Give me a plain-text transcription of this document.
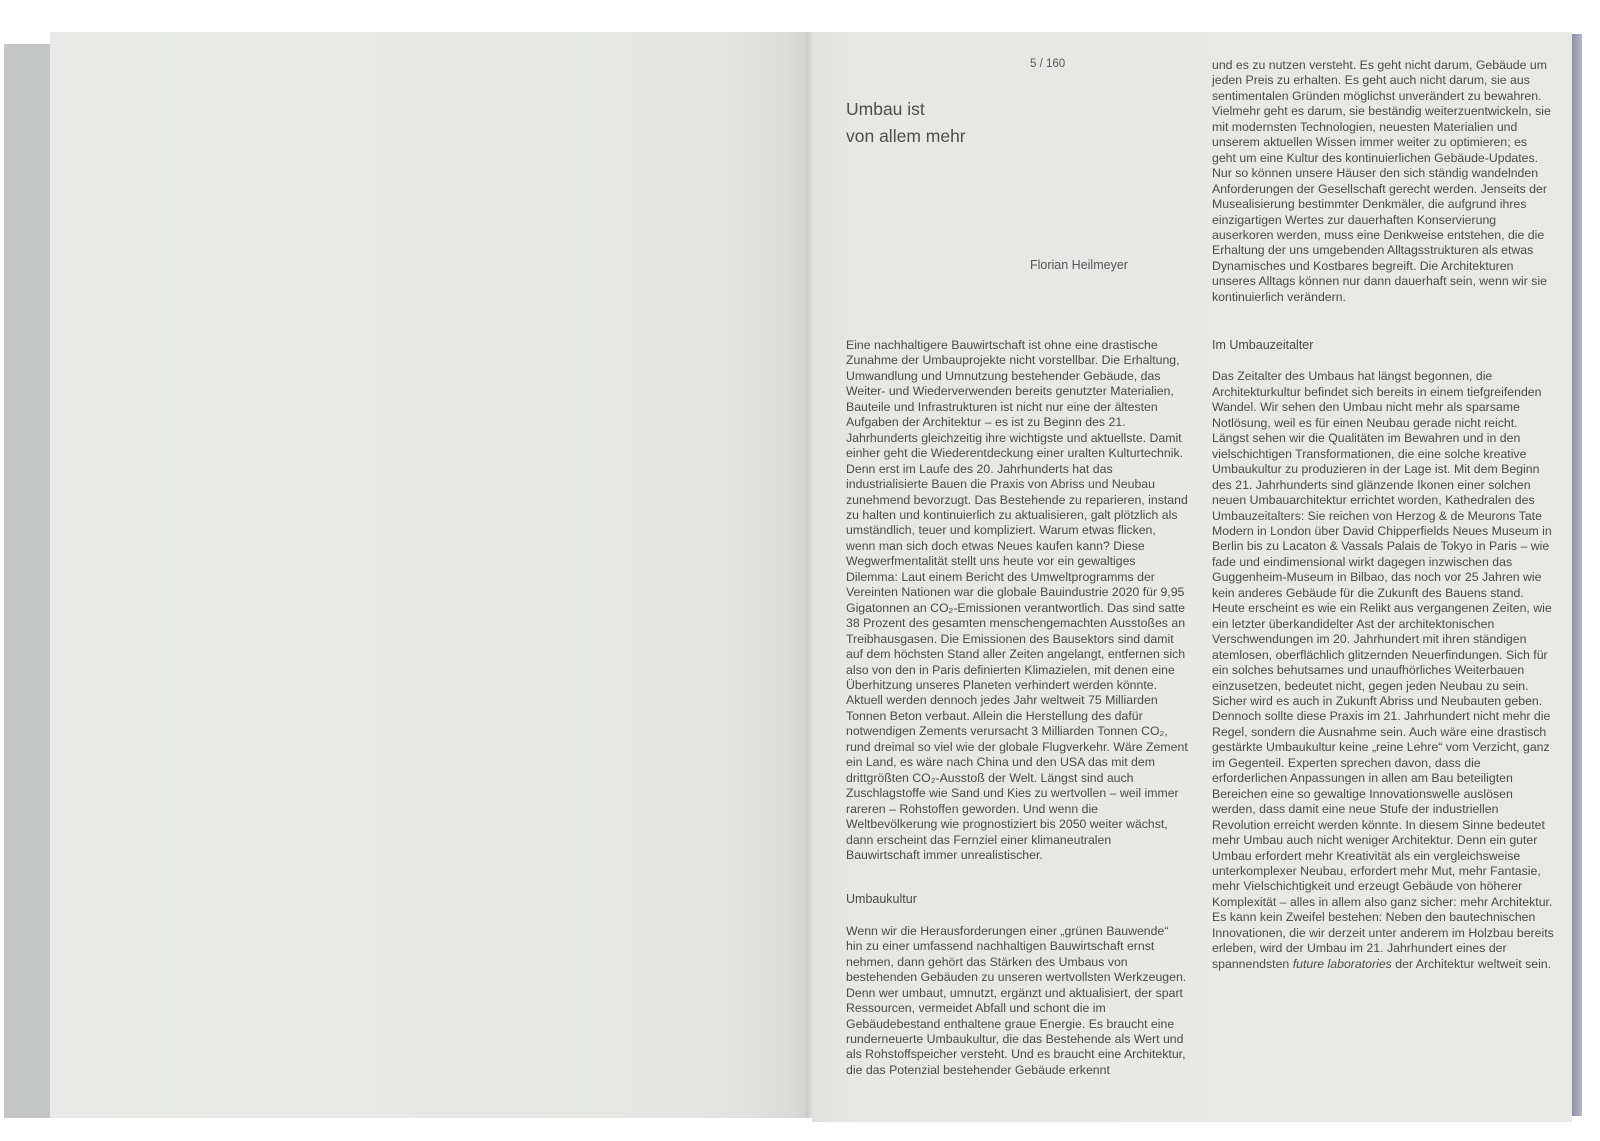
5 / 160
Umbau ist
von allem mehr
Florian Heilmeyer

Eine nachhaltigere Bauwirtschaft ist ohne eine drastische Zunahme der Umbauprojekte nicht vorstellbar. Die Erhaltung, Umwandlung und Umnutzung bestehender Gebäude, das Weiter- und Wiederverwenden bereits genutzter Materialien, Bauteile und Infrastrukturen ist nicht nur eine der ältesten Aufgaben der Architektur – es ist zu Beginn des 21. Jahrhunderts gleichzeitig ihre wichtigste und aktuellste. Damit einher geht die Wiederentdeckung einer uralten Kulturtechnik. Denn erst im Laufe des 20. Jahrhunderts hat das industrialisierte Bauen die Praxis von Abriss und Neubau zunehmend bevorzugt. Das Bestehende zu reparieren, instand zu halten und kontinuierlich zu aktualisieren, galt plötzlich als umständlich, teuer und kompliziert. Warum etwas flicken, wenn man sich doch etwas Neues kaufen kann? Diese Wegwerfmentalität stellt uns heute vor ein gewaltiges Dilemma: Laut einem Bericht des Umweltprogramms der Vereinten Nationen war die globale Bauindustrie 2020 für 9,95 Gigatonnen an CO₂-Emissionen verantwortlich. Das sind satte 38 Prozent des gesamten menschengemachten Ausstoßes an Treibhausgasen. Die Emissionen des Bausektors sind damit auf dem höchsten Stand aller Zeiten angelangt, entfernen sich also von den in Paris definierten Klimazielen, mit denen eine Überhitzung unseres Planeten verhindert werden könnte. Aktuell werden dennoch jedes Jahr weltweit 75 Milliarden Tonnen Beton verbaut. Allein die Herstellung des dafür notwendigen Zements verursacht 3 Milliarden Tonnen CO₂, rund dreimal so viel wie der globale Flugverkehr. Wäre Zement ein Land, es wäre nach China und den USA das mit dem drittgrößten CO₂-Ausstoß der Welt. Längst sind auch Zuschlagstoffe wie Sand und Kies zu wertvollen – weil immer rareren – Rohstoffen geworden. Und wenn die Weltbevölkerung wie prognostiziert bis 2050 weiter wächst, dann erscheint das Fernziel einer klimaneutralen Bauwirtschaft immer unrealistischer.

Umbaukultur

Wenn wir die Herausforderungen einer „grünen Bauwende“ hin zu einer umfassend nachhaltigen Bauwirtschaft ernst nehmen, dann gehört das Stärken des Umbaus von bestehenden Gebäuden zu unseren wertvollsten Werkzeugen. Denn wer umbaut, umnutzt, ergänzt und aktualisiert, der spart Ressourcen, vermeidet Abfall und schont die im Gebäudebestand enthaltene graue Energie. Es braucht eine runderneuerte Umbaukultur, die das Bestehende als Wert und als Rohstoffspeicher versteht. Und es braucht eine Architektur, die das Potenzial bestehender Gebäude erkennt

und es zu nutzen versteht. Es geht nicht darum, Gebäude um jeden Preis zu erhalten. Es geht auch nicht darum, sie aus sentimentalen Gründen möglichst unverändert zu bewahren. Vielmehr geht es darum, sie beständig weiterzuentwickeln, sie mit modernsten Technologien, neuesten Materialien und unserem aktuellen Wissen immer weiter zu optimieren; es geht um eine Kultur des kontinuierlichen Gebäude-Updates. Nur so können unsere Häuser den sich ständig wandelnden Anforderungen der Gesellschaft gerecht werden. Jenseits der Musealisierung bestimmter Denkmäler, die aufgrund ihres einzigartigen Wertes zur dauerhaften Konservierung auserkoren werden, muss eine Denkweise entstehen, die die Erhaltung der uns umgebenden Alltagsstrukturen als etwas Dynamisches und Kostbares begreift. Die Architekturen unseres Alltags können nur dann dauerhaft sein, wenn wir sie kontinuierlich verändern.

Im Umbauzeitalter

Das Zeitalter des Umbaus hat längst begonnen, die Architekturkultur befindet sich bereits in einem tiefgreifenden Wandel. Wir sehen den Umbau nicht mehr als sparsame Notlösung, weil es für einen Neubau gerade nicht reicht. Längst sehen wir die Qualitäten im Bewahren und in den vielschichtigen Transformationen, die eine solche kreative Umbaukultur zu produzieren in der Lage ist. Mit dem Beginn des 21. Jahrhunderts sind glänzende Ikonen einer solchen neuen Umbauarchitektur errichtet worden, Kathedralen des Umbauzeitalters: Sie reichen von Herzog & de Meurons Tate Modern in London über David Chipperfields Neues Museum in Berlin bis zu Lacaton & Vassals Palais de Tokyo in Paris – wie fade und eindimensional wirkt dagegen inzwischen das Guggenheim-Museum in Bilbao, das noch vor 25 Jahren wie kein anderes Gebäude für die Zukunft des Bauens stand. Heute erscheint es wie ein Relikt aus vergangenen Zeiten, wie ein letzter überkandidelter Ast der architektonischen Verschwendungen im 20. Jahrhundert mit ihren ständigen atemlosen, oberflächlich glitzernden Neuerfindungen. Sich für ein solches behutsames und unaufhörliches Weiterbauen einzusetzen, bedeutet nicht, gegen jeden Neubau zu sein. Sicher wird es auch in Zukunft Abriss und Neubauten geben. Dennoch sollte diese Praxis im 21. Jahrhundert nicht mehr die Regel, sondern die Ausnahme sein. Auch wäre eine drastisch gestärkte Umbaukultur keine „reine Lehre“ vom Verzicht, ganz im Gegenteil. Experten sprechen davon, dass die erforderlichen Anpassungen in allen am Bau beteiligten Bereichen eine so gewaltige Innovationswelle auslösen werden, dass damit eine neue Stufe der industriellen Revolution erreicht werden könnte. In diesem Sinne bedeutet mehr Umbau auch nicht weniger Architektur. Denn ein guter Umbau erfordert mehr Kreativität als ein vergleichsweise unterkomplexer Neubau, erfordert mehr Mut, mehr Fantasie, mehr Vielschichtigkeit und erzeugt Gebäude von höherer Komplexität – alles in allem also ganz sicher: mehr Architektur. Es kann kein Zweifel bestehen: Neben den bautechnischen Innovationen, die wir derzeit unter anderem im Holzbau bereits erleben, wird der Umbau im 21. Jahrhundert eines der spannendsten future laboratories der Architektur weltweit sein.
